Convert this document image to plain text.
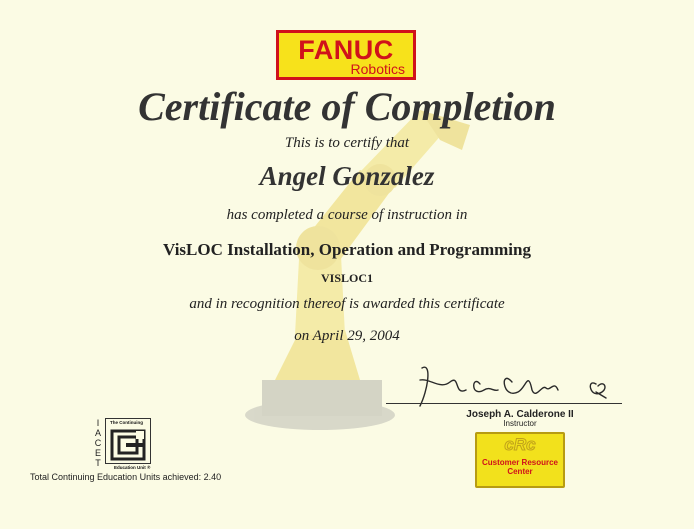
FANUC
Robotics
Certificate of Completion
This is to certify that
Angel Gonzalez
has completed a course of instruction in
VisLOC Installation, Operation and Programming
VISLOC1
and in recognition thereof is awarded this certificate
on April 29, 2004
Joseph A. Calderone II
Instructor
I
A
C
E
T
The Continuing
Education Unit ®
Total Continuing Education Units achieved: 2.40
cRc
Customer Resource
Center
